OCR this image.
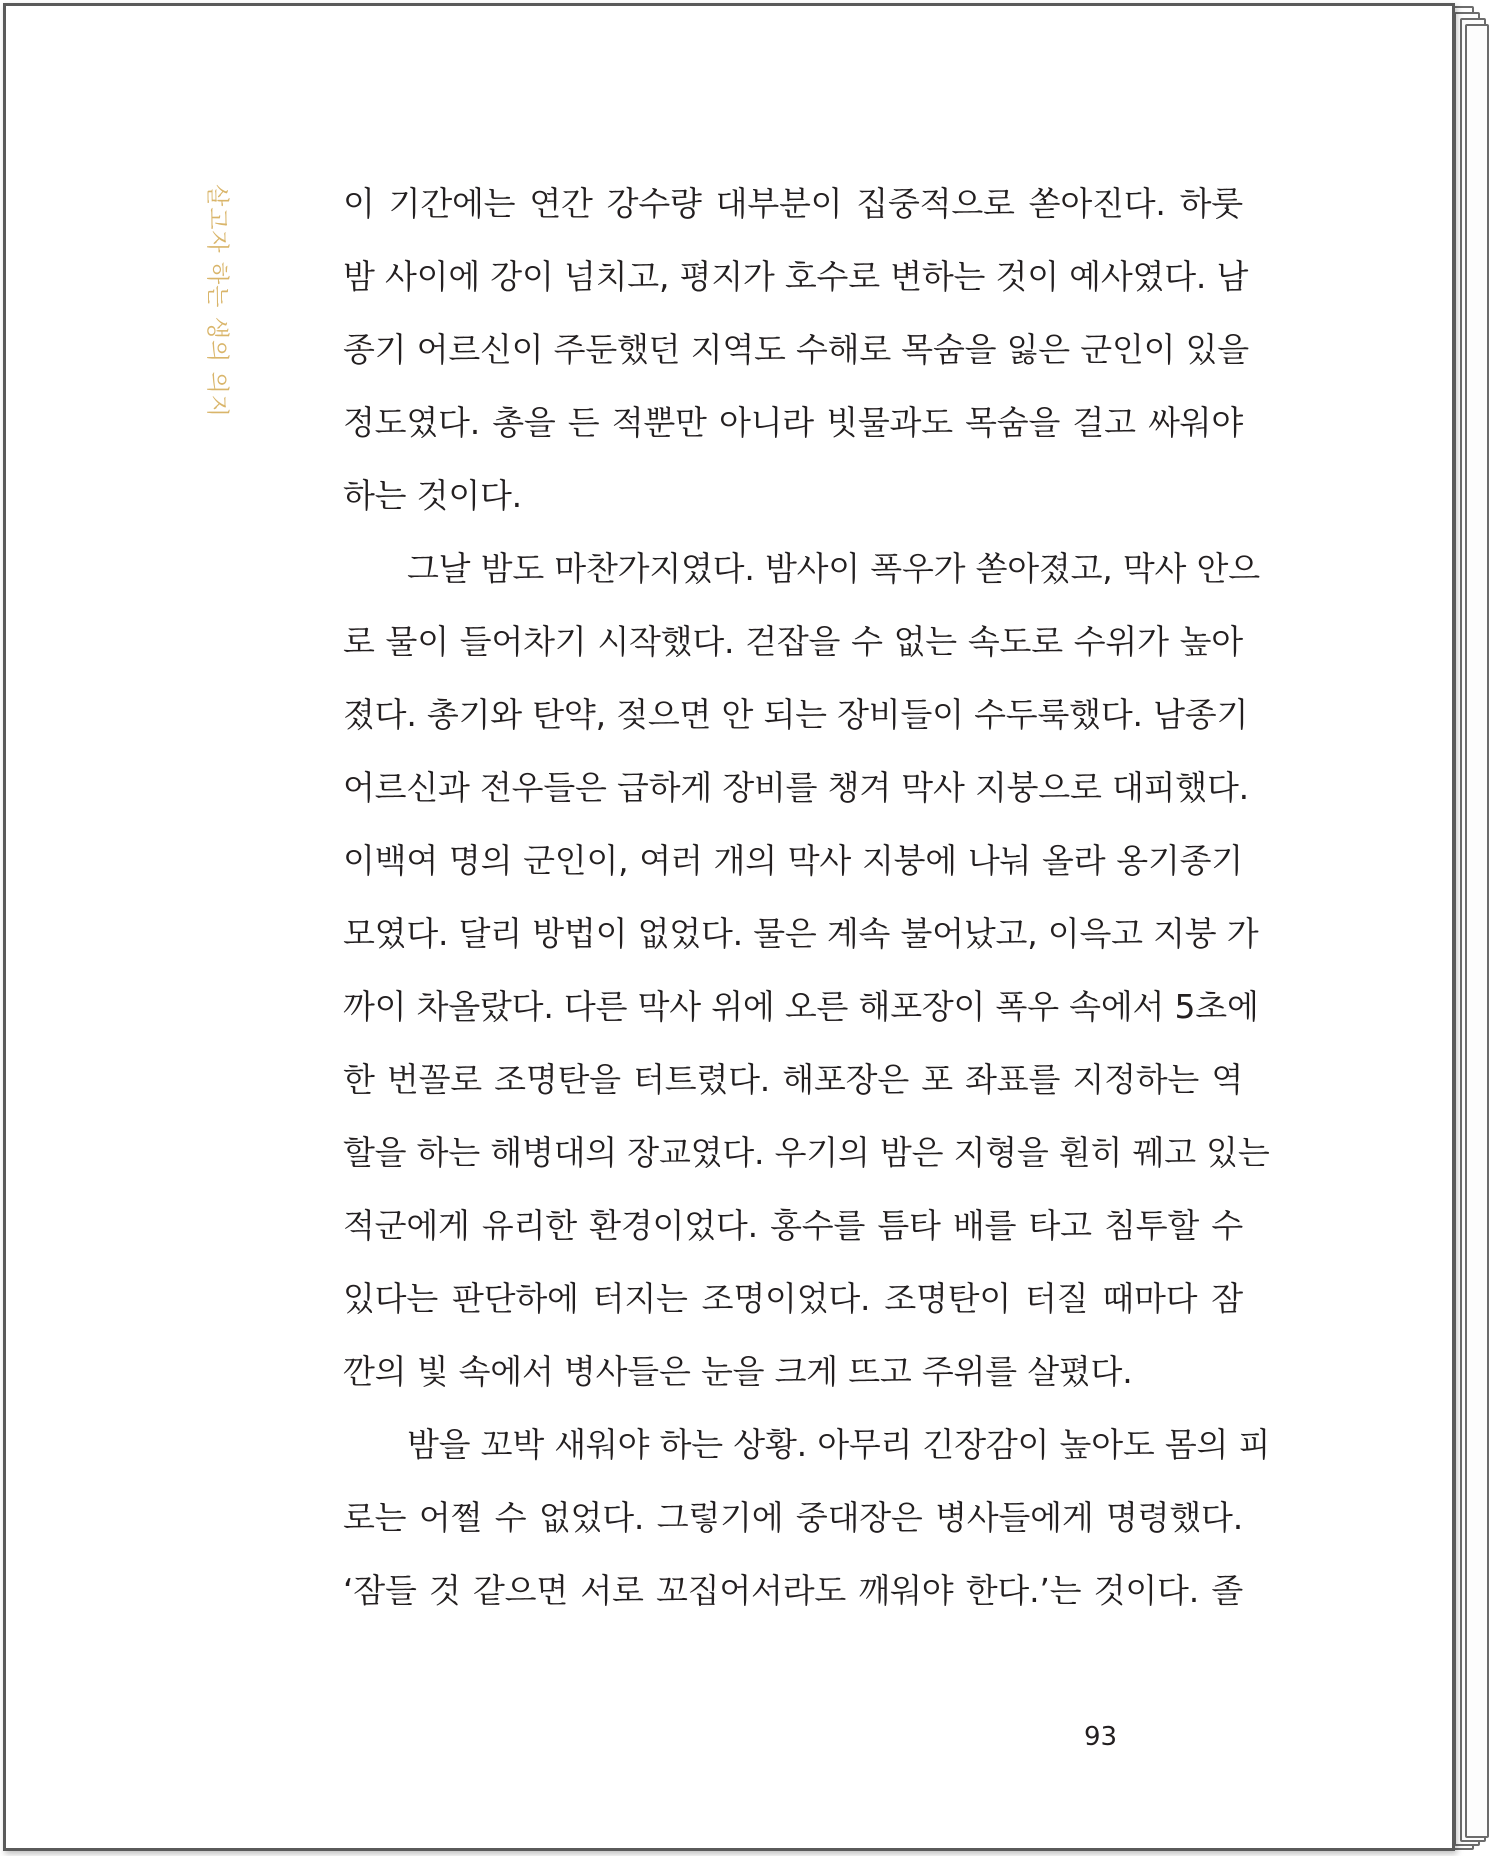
살고자 하는 생의 의지	이 기간에는 연간 강수량 대부분이 집중적으로 쏟아진다. 하룻
밤 사이에 강이 넘치고, 평지가 호수로 변하는 것이 예사였다. 남
종기 어르신이 주둔했던 지역도 수해로 목숨을 잃은 군인이 있을
정도였다. 총을 든 적뿐만 아니라 빗물과도 목숨을 걸고 싸워야
하는 것이다.
그날 밤도 마찬가지였다. 밤사이 폭우가 쏟아졌고, 막사 안으
로 물이 들어차기 시작했다. 걷잡을 수 없는 속도로 수위가 높아
졌다. 총기와 탄약, 젖으면 안 되는 장비들이 수두룩했다. 남종기
어르신과 전우들은 급하게 장비를 챙겨 막사 지붕으로 대피했다.
이백여 명의 군인이, 여러 개의 막사 지붕에 나눠 올라 옹기종기
모였다. 달리 방법이 없었다. 물은 계속 불어났고, 이윽고 지붕 가
까이 차올랐다. 다른 막사 위에 오른 해포장이 폭우 속에서 5초에
한 번꼴로 조명탄을 터트렸다. 해포장은 포 좌표를 지정하는 역
할을 하는 해병대의 장교였다. 우기의 밤은 지형을 훤히 꿰고 있는
적군에게 유리한 환경이었다. 홍수를 틈타 배를 타고 침투할 수
있다는 판단하에 터지는 조명이었다. 조명탄이 터질 때마다 잠
깐의 빛 속에서 병사들은 눈을 크게 뜨고 주위를 살폈다.
밤을 꼬박 새워야 하는 상황. 아무리 긴장감이 높아도 몸의 피
로는 어쩔 수 없었다. 그렇기에 중대장은 병사들에게 명령했다.
‘잠들 것 같으면 서로 꼬집어서라도 깨워야 한다.’는 것이다. 졸
93
